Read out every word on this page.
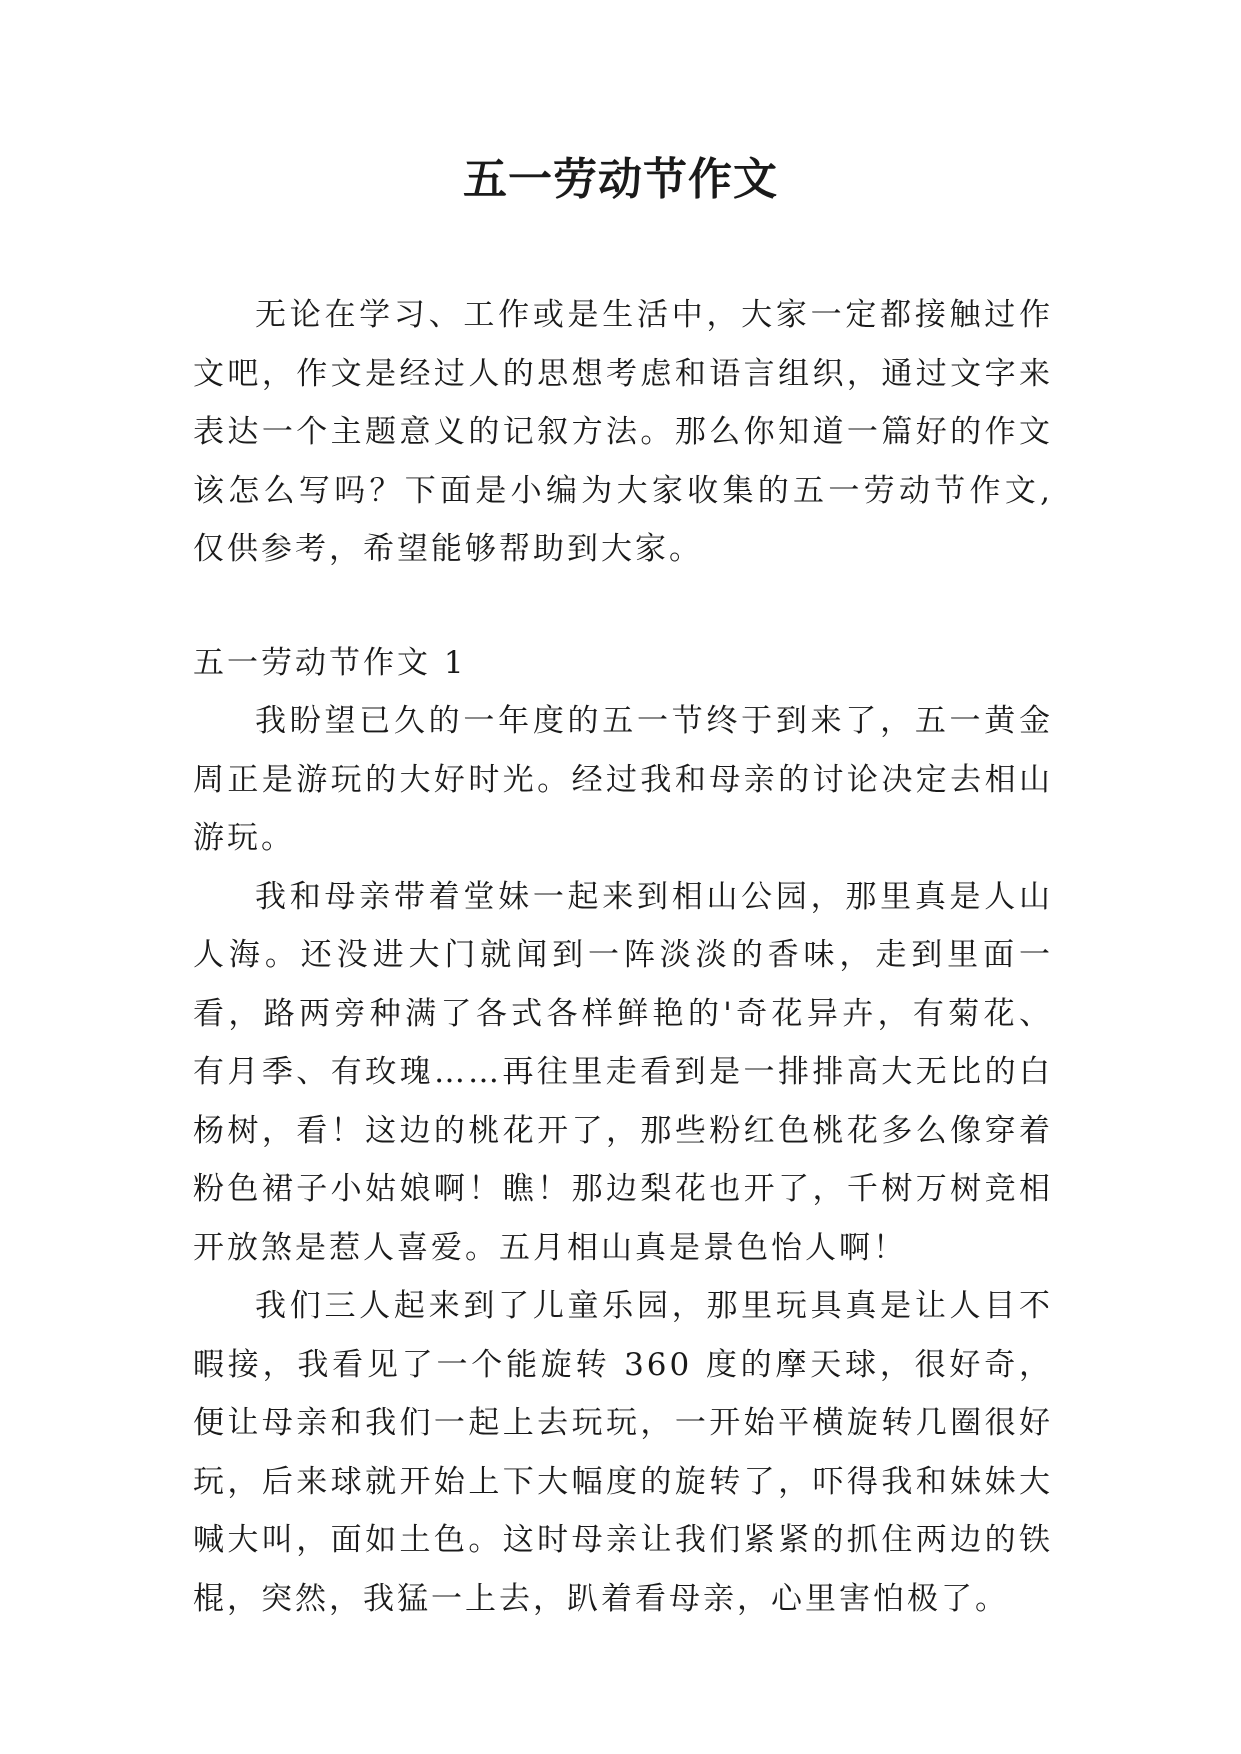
五一劳动节作文

无论在学习、工作或是生活中，大家一定都接触过作文吧，作文是经过人的思想考虑和语言组织，通过文字来表达一个主题意义的记叙方法。那么你知道一篇好的作文该怎么写吗？下面是小编为大家收集的五一劳动节作文,仅供参考，希望能够帮助到大家。

五一劳动节作文 1

我盼望已久的一年度的五一节终于到来了，五一黄金周正是游玩的大好时光。经过我和母亲的讨论决定去相山游玩。

我和母亲带着堂妹一起来到相山公园，那里真是人山人海。还没进大门就闻到一阵淡淡的香味，走到里面一看，路两旁种满了各式各样鲜艳的'奇花异卉，有菊花、有月季、有玫瑰……再往里走看到是一排排高大无比的白杨树，看！这边的桃花开了，那些粉红色桃花多么像穿着粉色裙子小姑娘啊！瞧！那边梨花也开了，千树万树竞相开放煞是惹人喜爱。五月相山真是景色怡人啊！

我们三人起来到了儿童乐园，那里玩具真是让人目不暇接，我看见了一个能旋转 360 度的摩天球，很好奇，便让母亲和我们一起上去玩玩，一开始平横旋转几圈很好玩，后来球就开始上下大幅度的旋转了，吓得我和妹妹大喊大叫，面如土色。这时母亲让我们紧紧的抓住两边的铁棍，突然，我猛一上去，趴着看母亲，心里害怕极了。
